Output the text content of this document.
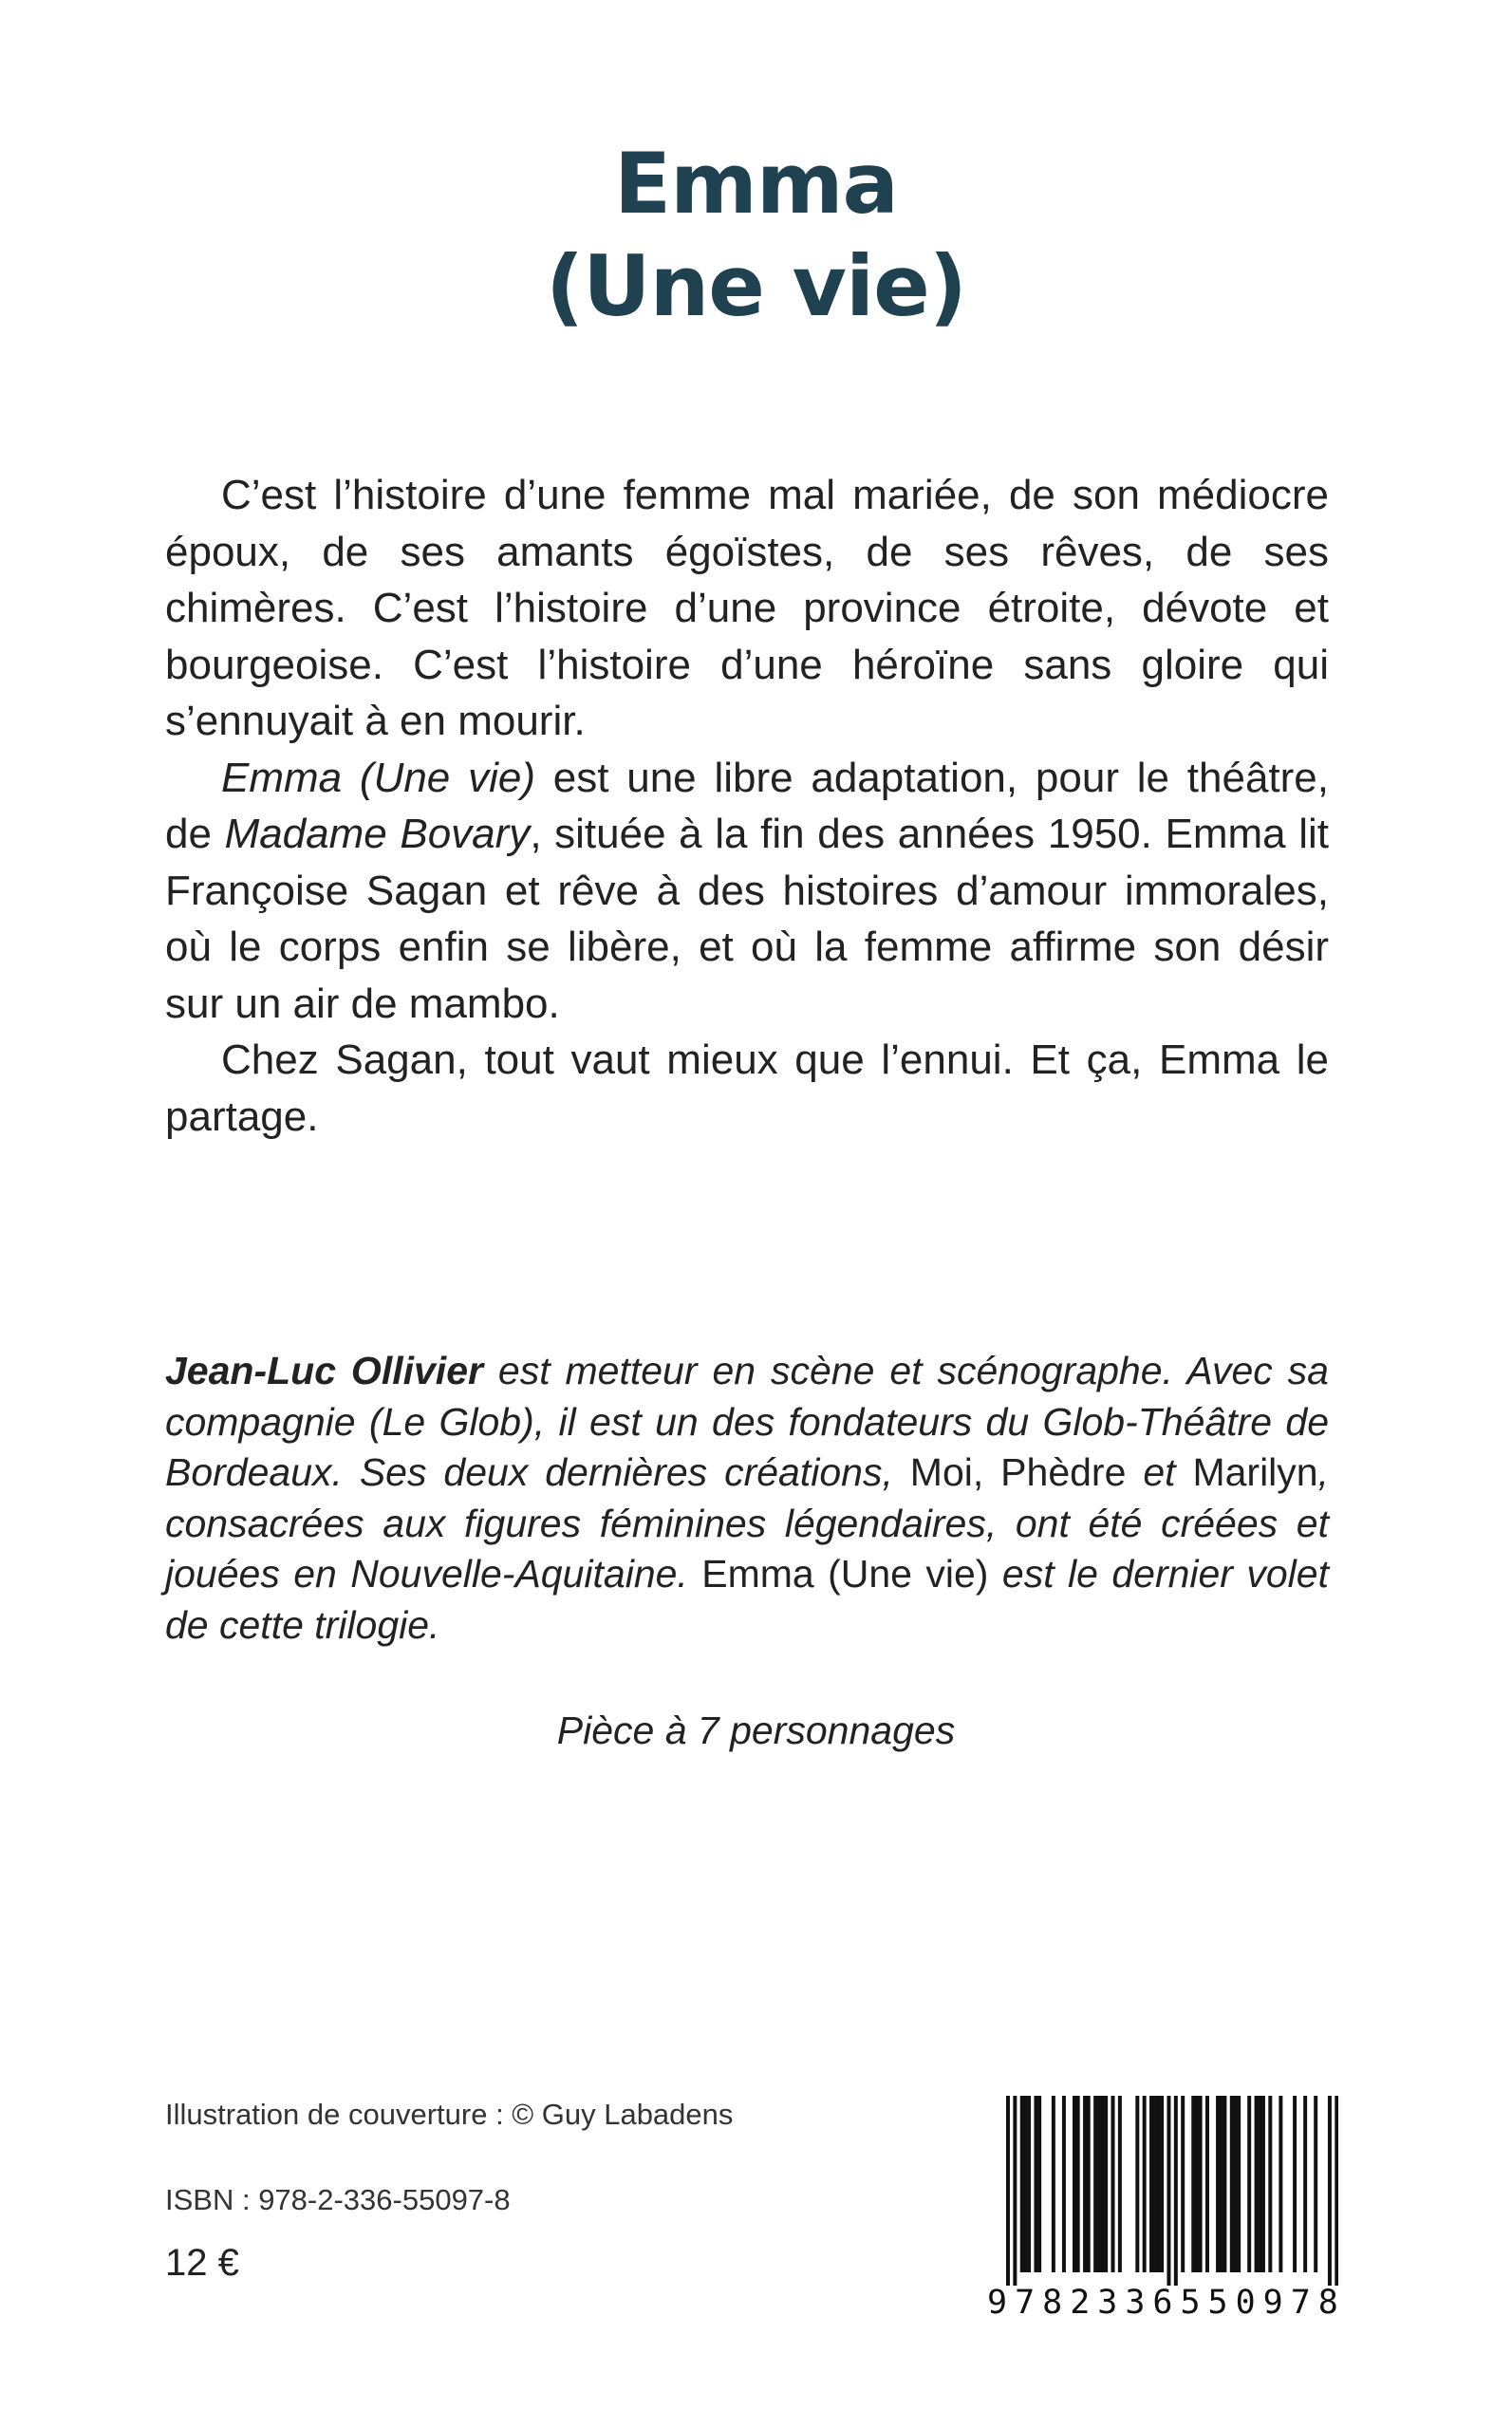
Emma
(Une vie)

C’est l’histoire d’une femme mal mariée, de son médiocre époux, de ses amants égoïstes, de ses rêves, de ses chimères. C’est l’histoire d’une province étroite, dévote et bourgeoise. C’est l’histoire d’une héroïne sans gloire qui s’ennuyait à en mourir.

Emma (Une vie) est une libre adaptation, pour le théâtre, de Madame Bovary, située à la fin des années 1950. Emma lit Françoise Sagan et rêve à des histoires d’amour immorales, où le corps enfin se libère, et où la femme affirme son désir sur un air de mambo.

Chez Sagan, tout vaut mieux que l’ennui. Et ça, Emma le partage.

Jean-Luc Ollivier est metteur en scène et scénographe. Avec sa compagnie (Le Glob), il est un des fondateurs du Glob-Théâtre de Bordeaux. Ses deux dernières créations, Moi, Phèdre et Marilyn, consacrées aux figures féminines légendaires, ont été créées et jouées en Nouvelle-Aquitaine. Emma (Une vie) est le dernier volet de cette trilogie.
Pièce à 7 personnages
Illustration de couverture : © Guy Labadens
ISBN : 978-2-336-55097-8
12 €
9 7 8 2 3 3 6 5 5 0 9 7 8
